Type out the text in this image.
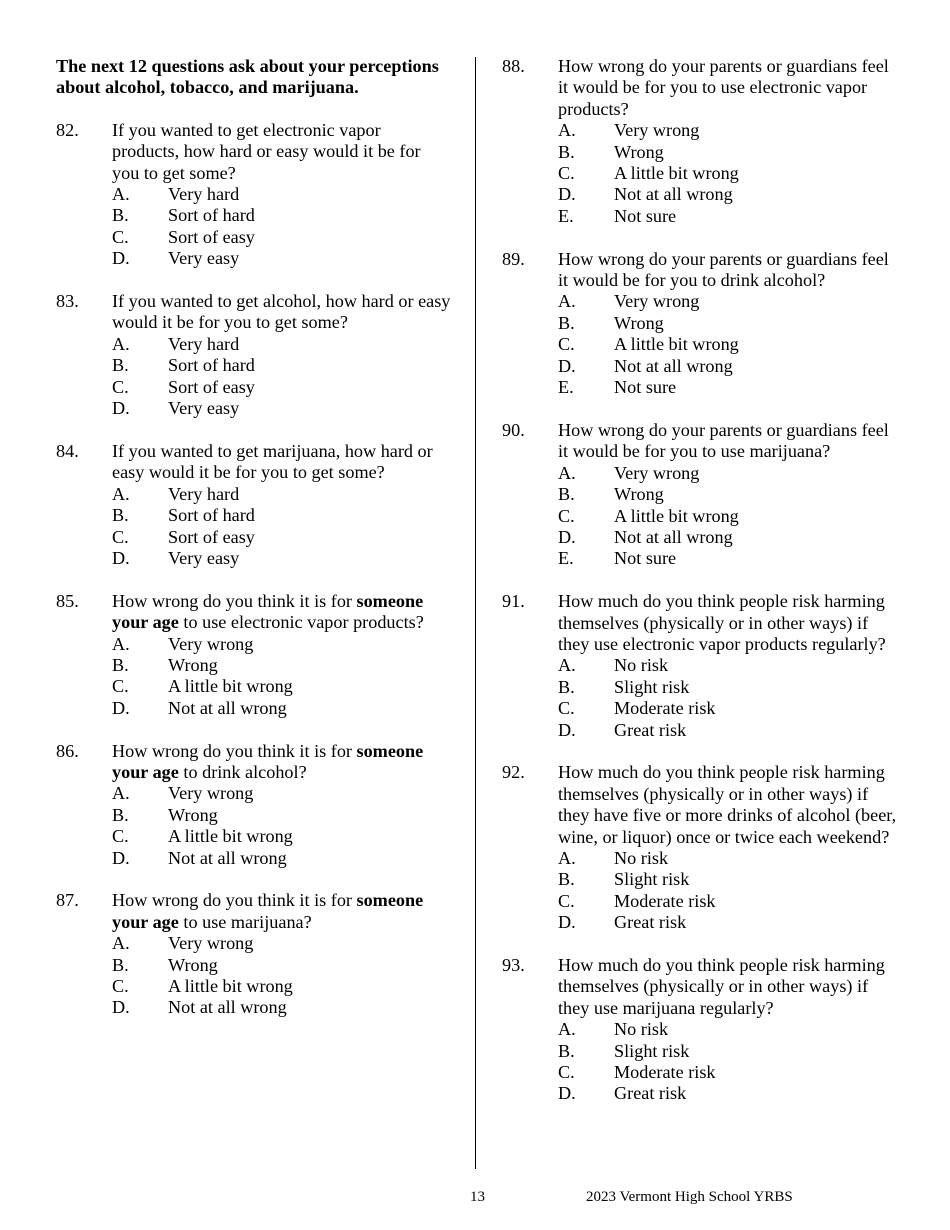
The next 12 questions ask about your perceptions about alcohol, tobacco, and marijuana.
82.	If you wanted to get electronic vapor products, how hard or easy would it be for you to get some?
A.	Very hard
B.	Sort of hard
C.	Sort of easy
D.	Very easy
83.	If you wanted to get alcohol, how hard or easy would it be for you to get some?
A.	Very hard
B.	Sort of hard
C.	Sort of easy
D.	Very easy
84.	If you wanted to get marijuana, how hard or easy would it be for you to get some?
A.	Very hard
B.	Sort of hard
C.	Sort of easy
D.	Very easy
85.	How wrong do you think it is for someone your age to use electronic vapor products?
A.	Very wrong
B.	Wrong
C.	A little bit wrong
D.	Not at all wrong
86.	How wrong do you think it is for someone your age to drink alcohol?
A.	Very wrong
B.	Wrong
C.	A little bit wrong
D.	Not at all wrong
87.	How wrong do you think it is for someone your age to use marijuana?
A.	Very wrong
B.	Wrong
C.	A little bit wrong
D.	Not at all wrong
88.	How wrong do your parents or guardians feel it would be for you to use electronic vapor products?
A.	Very wrong
B.	Wrong
C.	A little bit wrong
D.	Not at all wrong
E.	Not sure
89.	How wrong do your parents or guardians feel it would be for you to drink alcohol?
A.	Very wrong
B.	Wrong
C.	A little bit wrong
D.	Not at all wrong
E.	Not sure
90.	How wrong do your parents or guardians feel it would be for you to use marijuana?
A.	Very wrong
B.	Wrong
C.	A little bit wrong
D.	Not at all wrong
E.	Not sure
91.	How much do you think people risk harming themselves (physically or in other ways) if they use electronic vapor products regularly?
A.	No risk
B.	Slight risk
C.	Moderate risk
D.	Great risk
92.	How much do you think people risk harming themselves (physically or in other ways) if they have five or more drinks of alcohol (beer, wine, or liquor) once or twice each weekend?
A.	No risk
B.	Slight risk
C.	Moderate risk
D.	Great risk
93.	How much do you think people risk harming themselves (physically or in other ways) if they use marijuana regularly?
A.	No risk
B.	Slight risk
C.	Moderate risk
D.	Great risk
13	2023 Vermont High School YRBS
